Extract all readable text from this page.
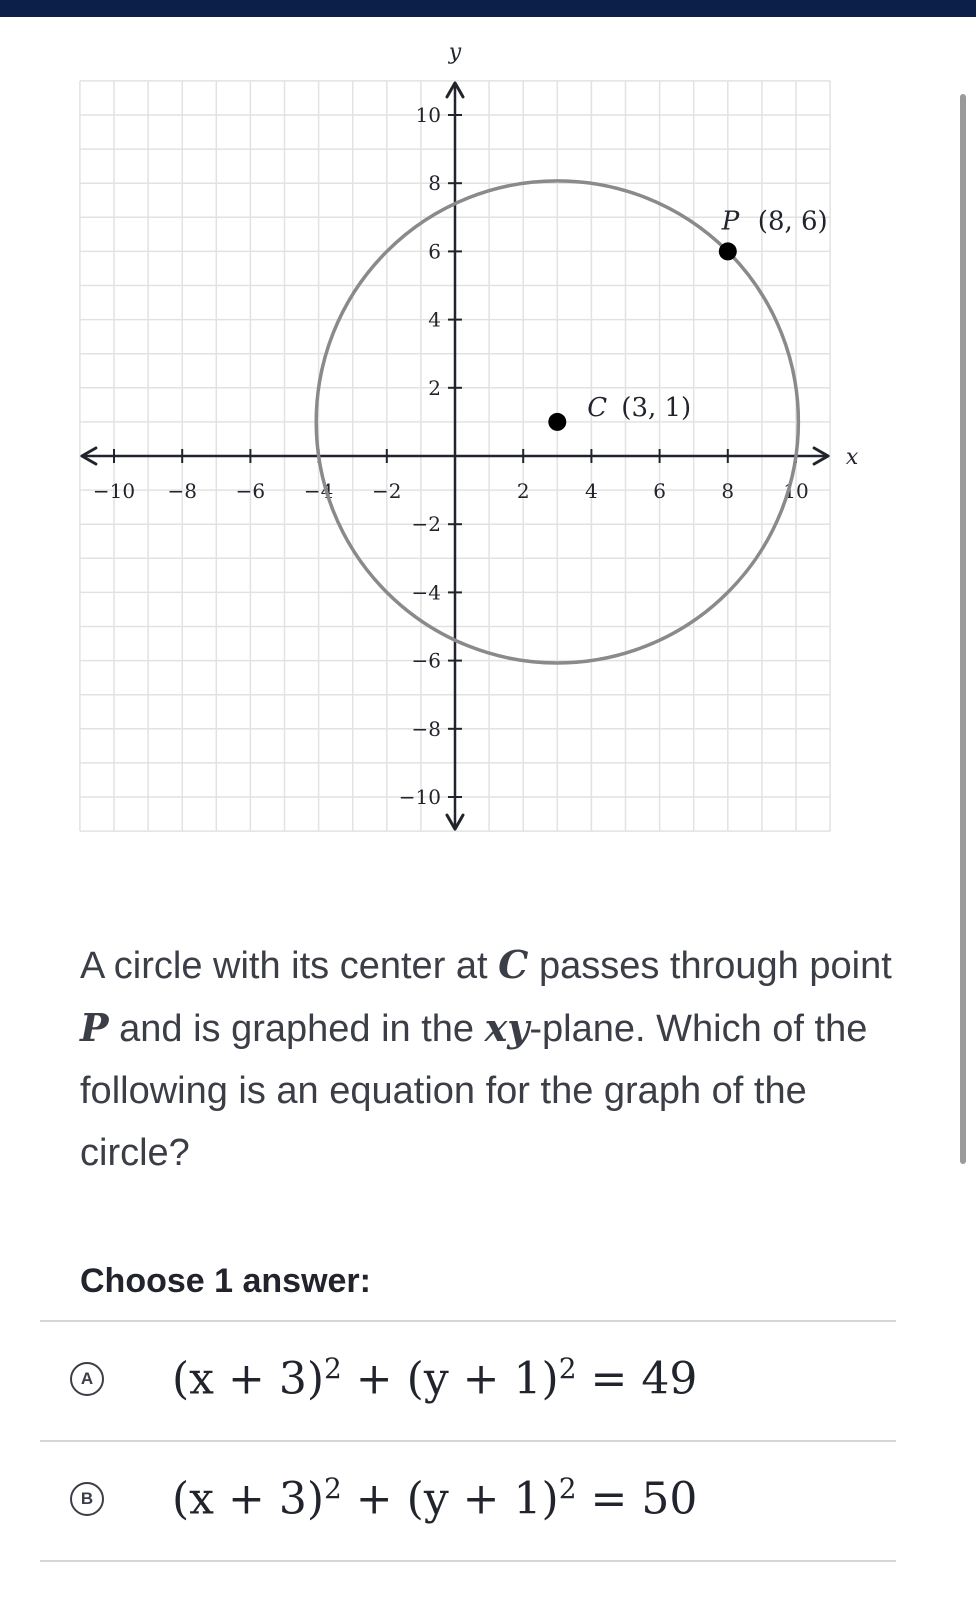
x
y
−10 −8 −6 −4 −2	2	4	6	8 10
10
8
6
4
2
−2
−4
−6
−8
−10
C (3, 1)
P (8, 6)
A circle with its center at C passes through point P and is graphed in the xy-plane. Which of the following is an equation for the graph of the circle?
Choose 1 answer:
A $(x + 3)^2 + (y + 1)^2 = 49$
B $(x + 3)^2 + (y + 1)^2 = 50$
